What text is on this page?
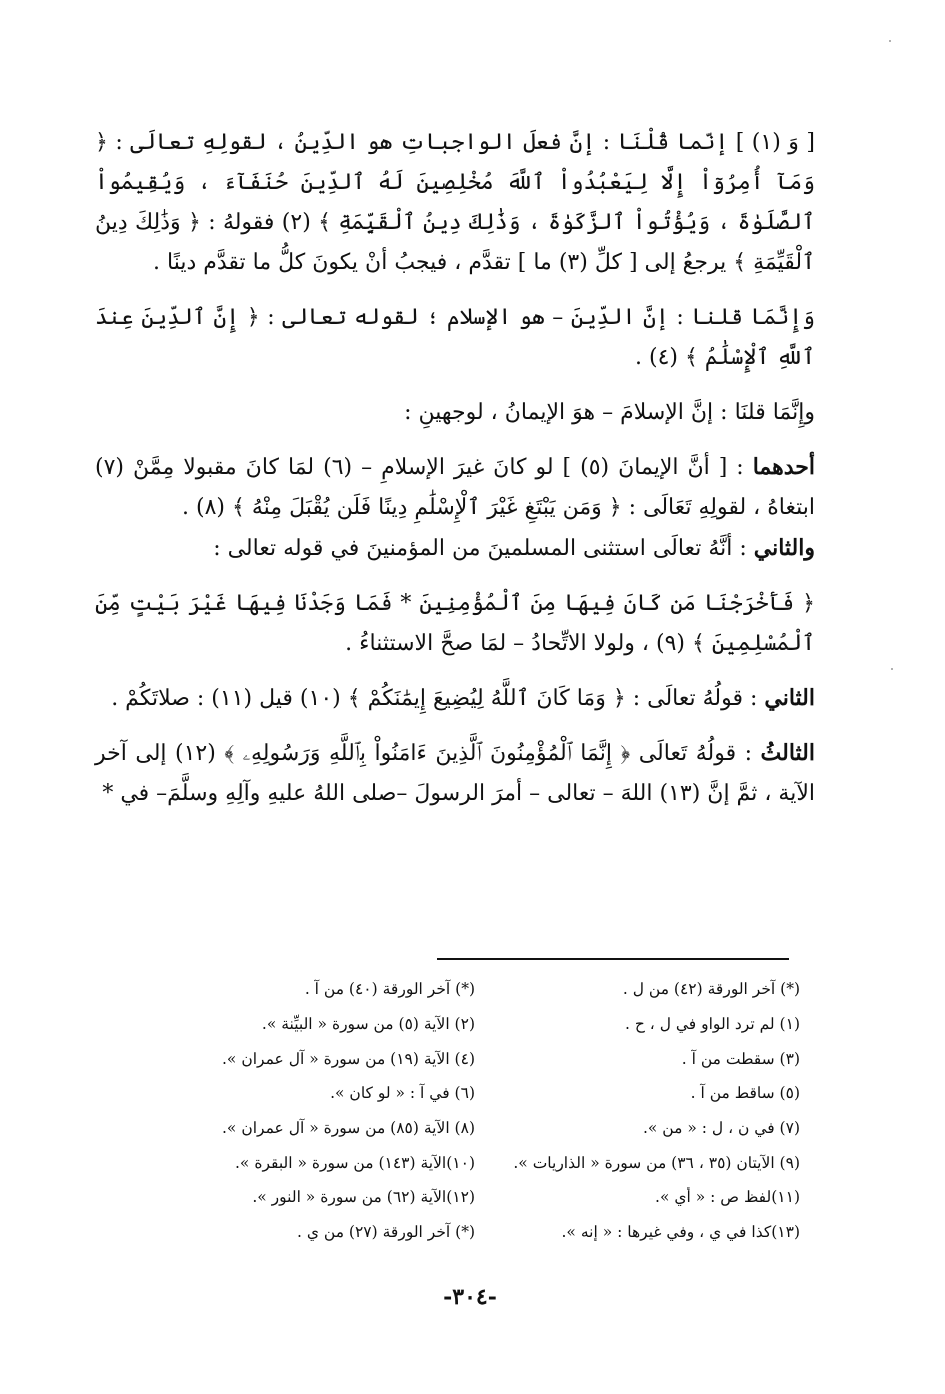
[ وَ (١) ] إنّما قُلْنَا : إنَّ فعلَ الواجباتِ هو الدِّينُ ، لقولِهِ تعالَى : ﴿ وَمَآ أُمِرُوٓاْ إِلَّا لِيَعْبُدُواْ ٱللَّهَ مُخْلِصِينَ لَهُ ٱلدِّينَ حُنَفَآءَ ، وَيُقِيمُواْ ٱلصَّلَوٰةَ ، وَيُؤْتُواْ ٱلزَّكَوٰةَ ، وَذَٰلِكَ دِينُ ٱلْقَيِّمَةِ ﴾ (٢) فقولهُ : ﴿ وَذَٰلِكَ دِينُ ٱلْقَيِّمَةِ ﴾ يرجعُ إلى [ كلِّ (٣) ما ] تقدَّم ، فيجبُ أنْ يكونَ كلُّ ما تقدَّم دينًا .

وَإِنَّمَا قلنا : إنَّ الدِّينَ – هو الإسلام ؛ لقوله تعالى : ﴿ إِنَّ ٱلدِّينَ عِندَ ٱللَّهِ ٱلْإِسْلَٰمُ ﴾ (٤) .

وإِنَّمَا قلنَا : إنَّ الإسلامَ – هوَ الإيمانُ ، لوجهينِ :

أحدهما : [ أنَّ الإيمانَ (٥) ] لو كانَ غيرَ الإسلامِ – (٦) لمَا كانَ مقبولا مِمَّنْ (٧) ابتغاهُ ، لقولِهِ تَعَالَى : ﴿ وَمَن يَبْتَغِ غَيْرَ ٱلْإِسْلَٰمِ دِينًا فَلَن يُقْبَلَ مِنْهُ ﴾ (٨) .

والثاني : أنَّهُ تعالَى استثنى المسلمينَ من المؤمنينَ في قوله تعالى :

﴿ فَأَخْرَجْنَا مَن كَانَ فِيهَا مِنَ ٱلْمُؤْمِنِينَ * فَمَا وَجَدْنَا فِيهَا غَيْرَ بَيْتٍ مِّنَ ٱلْمُسْلِمِينَ ﴾ (٩) ، ولولا الاتِّحادُ – لمَا صحَّ الاستثناءُ .

الثاني : قولُهُ تعالَى : ﴿ وَمَا كَانَ ٱللَّهُ لِيُضِيعَ إِيمَٰنَكُمْ ﴾ (١٠) قيل (١١) : صلاتَكُمْ .

الثالثُ : قولُهُ تَعالَى ﴿ إِنَّمَا ٱلْمُؤْمِنُونَ ٱلَّذِينَ ءَامَنُواْ بِٱللَّهِ وَرَسُولِهِۦ ﴾ (١٢) إلى آخر الآية ، ثمَّ إنَّ (١٣) اللهَ – تعالى – أمرَ الرسولَ –صلى اللهُ عليهِ وآلِهِ وسلَّمَ– في *

(*) آخر الورقة (٤٢) من ل .
(*) آخر الورقة (٤٠) من آ .
(١) لم ترد الواو في ل ، ح .
(٢) الآية (٥) من سورة « البيِّنة ».
(٣) سقطت من آ .
(٤) الآية (١٩) من سورة « آل عمران ».
(٥) ساقط من آ .
(٦) في آ : « لو كان ».
(٧) في ن ، ل : « من ».
(٨) الآية (٨٥) من سورة « آل عمران ».
(٩) الآيتان (٣٥ ، ٣٦) من سورة « الذاريات ».
(١٠)الآية (١٤٣) من سورة « البقرة ».
(١١)لفظ ص : « أي ».
(١٢)الآية (٦٢) من سورة « النور ».
(١٣)كذا في ي ، وفي غيرها : « إنه ».
(*) آخر الورقة (٢٧) من ي .
-٣٠٤-
